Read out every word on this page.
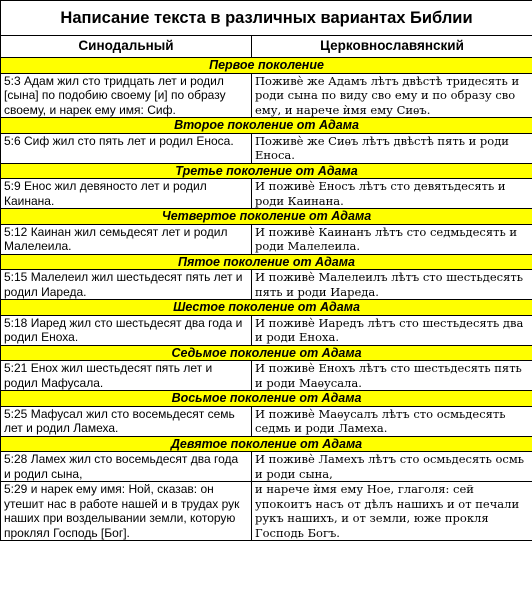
Написание текста в различных вариантах Библии	
Синодальный	Церковнославянский
Первое поколение	
5:3 Адам жил сто тридцать лет и родил [сына] по подобию своему [и] по образу своему, и нарек ему имя: Сиф.	Поживѐ же Адамъ лѣтъ двѣстѣ тридесять и роди сына по виду сво ему и по образу сво ему, и нарече ѝмя ему Сиѳъ.
Второе поколение от Адама	
5:6 Сиф жил сто пять лет и родил Еноса.	Поживѐ же Сиѳъ лѣтъ двѣстѣ пять и роди Еноса.
Третье поколение от Адама	
5:9 Енос жил девяносто лет и родил Каинана.	И поживѐ Еносъ лѣтъ сто девятьдесять и роди Каинана.
Четвертое поколение от Адама	
5:12 Каинан жил семьдесят лет и родил Малелеила.	И поживѐ Каинанъ лѣтъ сто седмьдесять и роди Малелеила.
Пятое поколение от Адама	
5:15 Малелеил жил шестьдесят пять лет и родил Иареда.	И поживѐ Малелеилъ лѣтъ сто шестьдесять пять и роди Иареда.
Шестое поколение от Адама	
5:18 Иаред жил сто шестьдесят два года и родил Еноха.	И поживѐ Иаредъ лѣтъ сто шестьдесять два и роди Еноха.
Седьмое поколение от Адама	
5:21 Енох жил шестьдесят пять лет и родил Мафусала.	И поживѐ Енохъ лѣтъ сто шестьдесять пять и роди Маѳусала.
Восьмое поколение от Адама	
5:25 Мафусал жил сто восемьдесят семь лет и родил Ламеха.	И поживѐ Маѳусалъ лѣтъ сто осмьдесять седмь и роди Ламеха.
Девятое поколение от Адама	
5:28 Ламех жил сто восемьдесят два года и родил сына,	И поживѐ Ламехъ лѣтъ сто осмьдесять осмь и роди сына,
5:29 и нарек ему имя: Ной, сказав: он утешит нас в работе нашей и в трудах рук наших при возделывании земли, которую проклял Господь [Бог].	и нарече ѝмя ему Ное, глаголя: сей упокоитъ насъ от дѣлъ нашихъ и от печали рукъ нашихъ, и от земли, юже прокля Господь Богъ.
